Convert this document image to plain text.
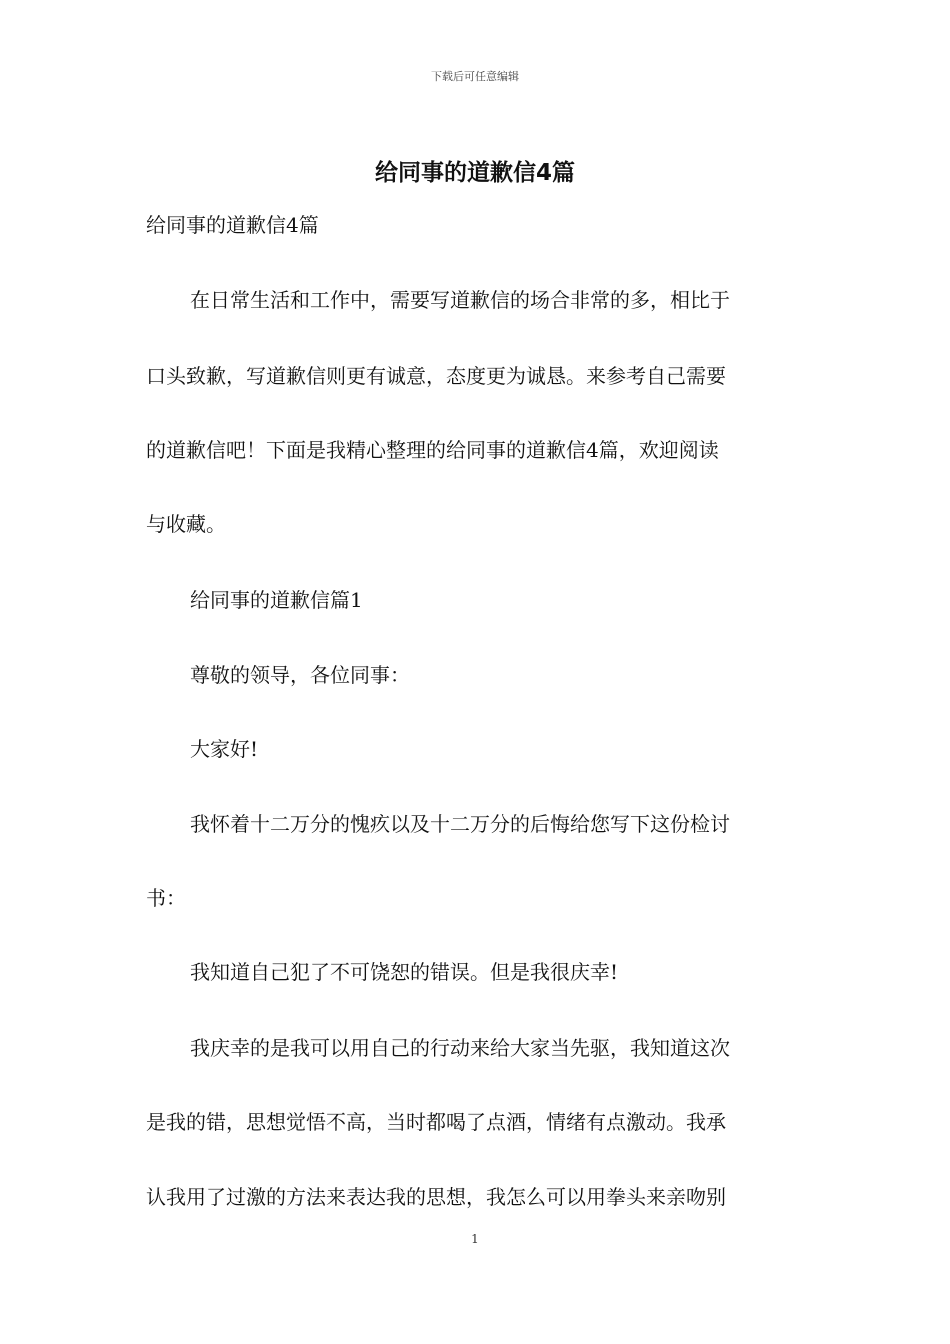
下载后可任意编辑
给同事的道歉信4篇
给同事的道歉信4篇
在日常生活和工作中，需要写道歉信的场合非常的多，相比于
口头致歉，写道歉信则更有诚意，态度更为诚恳。来参考自己需要
的道歉信吧！下面是我精心整理的给同事的道歉信4篇，欢迎阅读
与收藏。
给同事的道歉信篇1
尊敬的领导，各位同事：
大家好!
我怀着十二万分的愧疚以及十二万分的后悔给您写下这份检讨
书：
我知道自己犯了不可饶恕的错误。但是我很庆幸!
我庆幸的是我可以用自己的行动来给大家当先驱，我知道这次
是我的错，思想觉悟不高，当时都喝了点酒，情绪有点激动。我承
认我用了过激的方法来表达我的思想，我怎么可以用拳头来亲吻别
1
